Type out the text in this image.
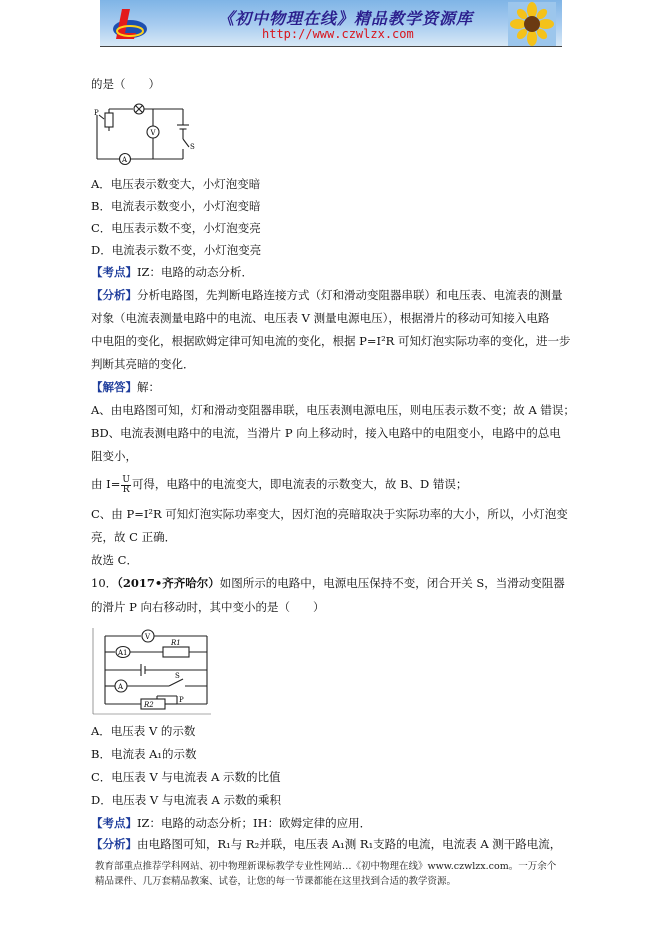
《初中物理在线》精品教学资源库
http://www.czwlzx.com
的是（　　）
P
S
V
A
A．电压表示数变大，小灯泡变暗
B．电流表示数变小，小灯泡变暗
C．电压表示数不变，小灯泡变亮
D．电流表示数不变，小灯泡变亮
【考点】IZ：电路的动态分析．
【分析】分析电路图，先判断电路连接方式（灯和滑动变阻器串联）和电压表、电流表的测量
对象（电流表测量电路中的电流、电压表 V 测量电源电压），根据滑片的移动可知接入电路
中电阻的变化，根据欧姆定律可知电流的变化，根据 P=I²R 可知灯泡实际功率的变化，进一步
判断其亮暗的变化．
【解答】解：
A、由电路图可知，灯和滑动变阻器串联，电压表测电源电压，则电压表示数不变；故 A 错误；
BD、电流表测电路中的电流，当滑片 P 向上移动时，接入电路中的电阻变小，电路中的总电
阻变小，
由 $I= \frac{U}{R}$ 可得，电路中的电流变大，即电流表的示数变大，故 B、D 错误；
C、由 P=I²R 可知灯泡实际功率变大，因灯泡的亮暗取决于实际功率的大小，所以，小灯泡变
亮，故 C 正确．
故选 C．
10．（2017•齐齐哈尔）如图所示的电路中，电源电压保持不变，闭合开关 S，当滑动变阻器
的滑片 P 向右移动时，其中变小的是（　　）
V
A1
A
R1
R2
S
P
A．电压表 V 的示数
B．电流表 A₁的示数
C．电压表 V 与电流表 A 示数的比值
D．电压表 V 与电流表 A 示数的乘积
【考点】IZ：电路的动态分析；IH：欧姆定律的应用．
【分析】由电路图可知，R₁与 R₂并联，电压表 A₁测 R₁支路的电流，电流表 A 测干路电流，
教育部重点推荐学科网站、初中物理新课标教学专业性网站…《初中物理在线》www.czwlzx.com。一万余个
精品课件、几万套精品教案、试卷，让您的每一节课都能在这里找到合适的教学资源。
